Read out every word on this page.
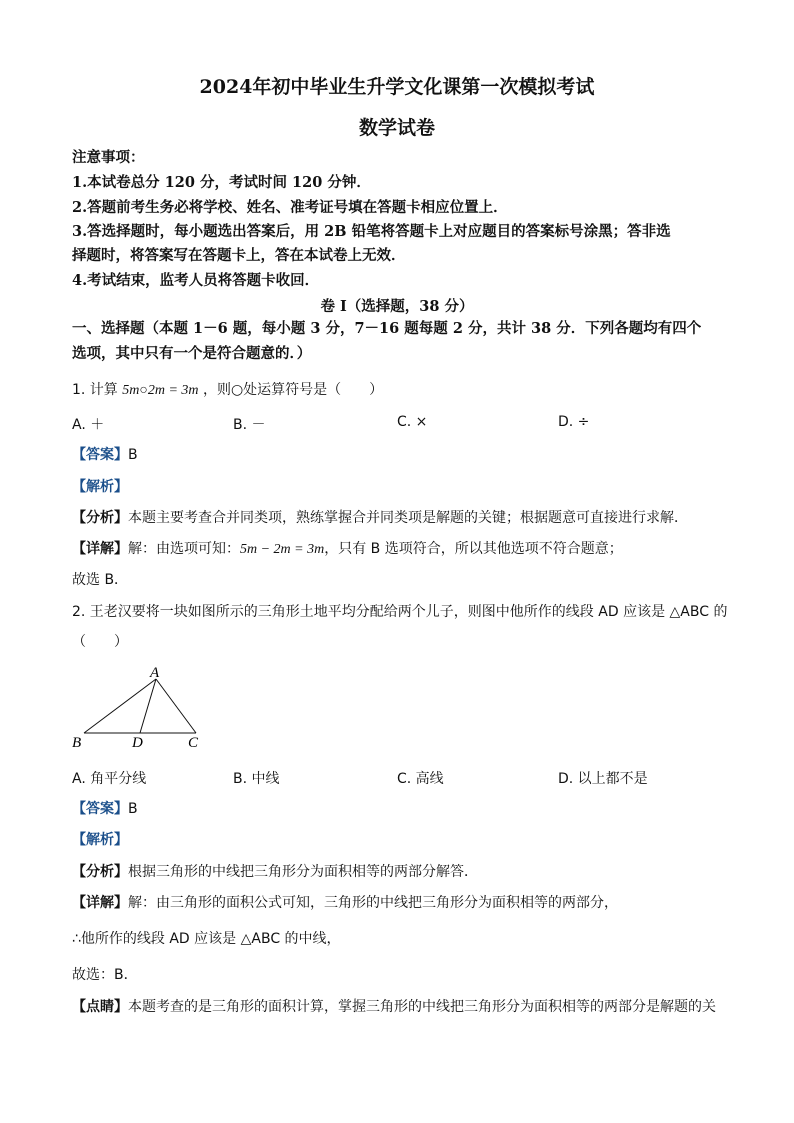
2024年初中毕业生升学文化课第一次模拟考试
数学试卷
注意事项：
1.本试卷总分 120 分，考试时间 120 分钟．
2.答题前考生务必将学校、姓名、准考证号填在答题卡相应位置上．
3.答选择题时，每小题选出答案后，用 2B 铅笔将答题卡上对应题目的答案标号涂黑；答非选
择题时，将答案写在答题卡上，答在本试卷上无效．
4.考试结束，监考人员将答题卡收回．
卷 I（选择题，38 分）
一、选择题（本题 1－6 题，每小题 3 分，7－16 题每题 2 分，共计 38 分．下列各题均有四个
选项，其中只有一个是符合题意的．）
1. 计算 5m○2m = 3m ，则○处运算符号是（　　）
A. ＋	B. －	C. ×	D. ÷
【答案】B
【解析】
【分析】本题主要考查合并同类项，熟练掌握合并同类项是解题的关键；根据题意可直接进行求解．
【详解】解：由选项可知：5m − 2m = 3m，只有 B 选项符合，所以其他选项不符合题意；
故选 B．
2. 王老汉要将一块如图所示的三角形土地平均分配给两个儿子，则图中他所作的线段 AD 应该是 △ABC 的
（　　）
A
B	C
D
A. 角平分线	B. 中线	C. 高线	D. 以上都不是
【答案】B
【解析】
【分析】根据三角形的中线把三角形分为面积相等的两部分解答．
【详解】解：由三角形的面积公式可知，三角形的中线把三角形分为面积相等的两部分，
∴他所作的线段 AD 应该是 △ABC 的中线，
故选：B．
【点睛】本题考查的是三角形的面积计算，掌握三角形的中线把三角形分为面积相等的两部分是解题的关
